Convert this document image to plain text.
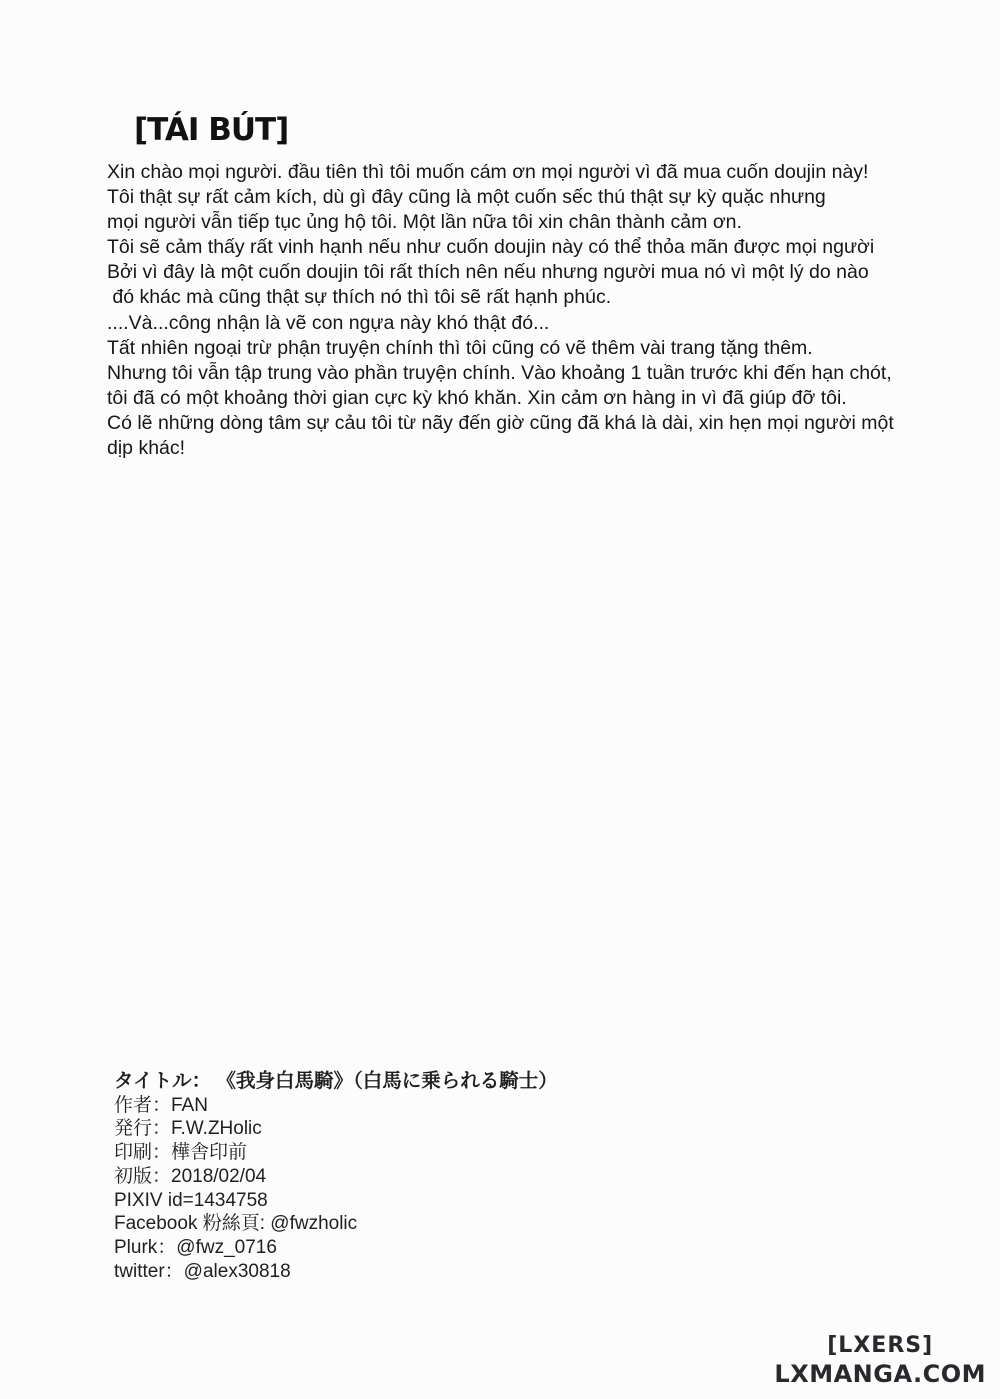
[TÁI BÚT]
Xin chào mọi người. đầu tiên thì tôi muốn cám ơn mọi người vì đã mua cuốn doujin này!
Tôi thật sự rất cảm kích, dù gì đây cũng là một cuốn sếc thú thật sự kỳ quặc nhưng
mọi người vẫn tiếp tục ủng hộ tôi. Một lần nữa tôi xin chân thành cảm ơn.
Tôi sẽ cảm thấy rất vinh hạnh nếu như cuốn doujin này có thể thỏa mãn được mọi người
Bởi vì đây là một cuốn doujin tôi rất thích nên nếu nhưng người mua nó vì một lý do nào
đó khác mà cũng thật sự thích nó thì tôi sẽ rất hạnh phúc.
....Và...công nhận là vẽ con ngựa này khó thật đó...
Tất nhiên ngoại trừ phận truyện chính thì tôi cũng có vẽ thêm vài trang tặng thêm.
Nhưng tôi vẫn tập trung vào phần truyện chính. Vào khoảng 1 tuần trước khi đến hạn chót,
tôi đã có một khoảng thời gian cực kỳ khó khăn. Xin cảm ơn hàng in vì đã giúp đỡ tôi.
Có lẽ những dòng tâm sự cảu tôi từ nãy đến giờ cũng đã khá là dài, xin hẹn mọi người một
dịp khác!
タイトル： 《我身白馬騎》（白馬に乗られる騎士）
作者：FAN
発行：F.W.ZHolic
印刷：樺舎印前
初版：2018/02/04
PIXIV id=1434758
Facebook 粉絲頁: @fwzholic
Plurk：@fwz_0716
twitter：@alex30818
[LXERS]
LXMANGA.COM
